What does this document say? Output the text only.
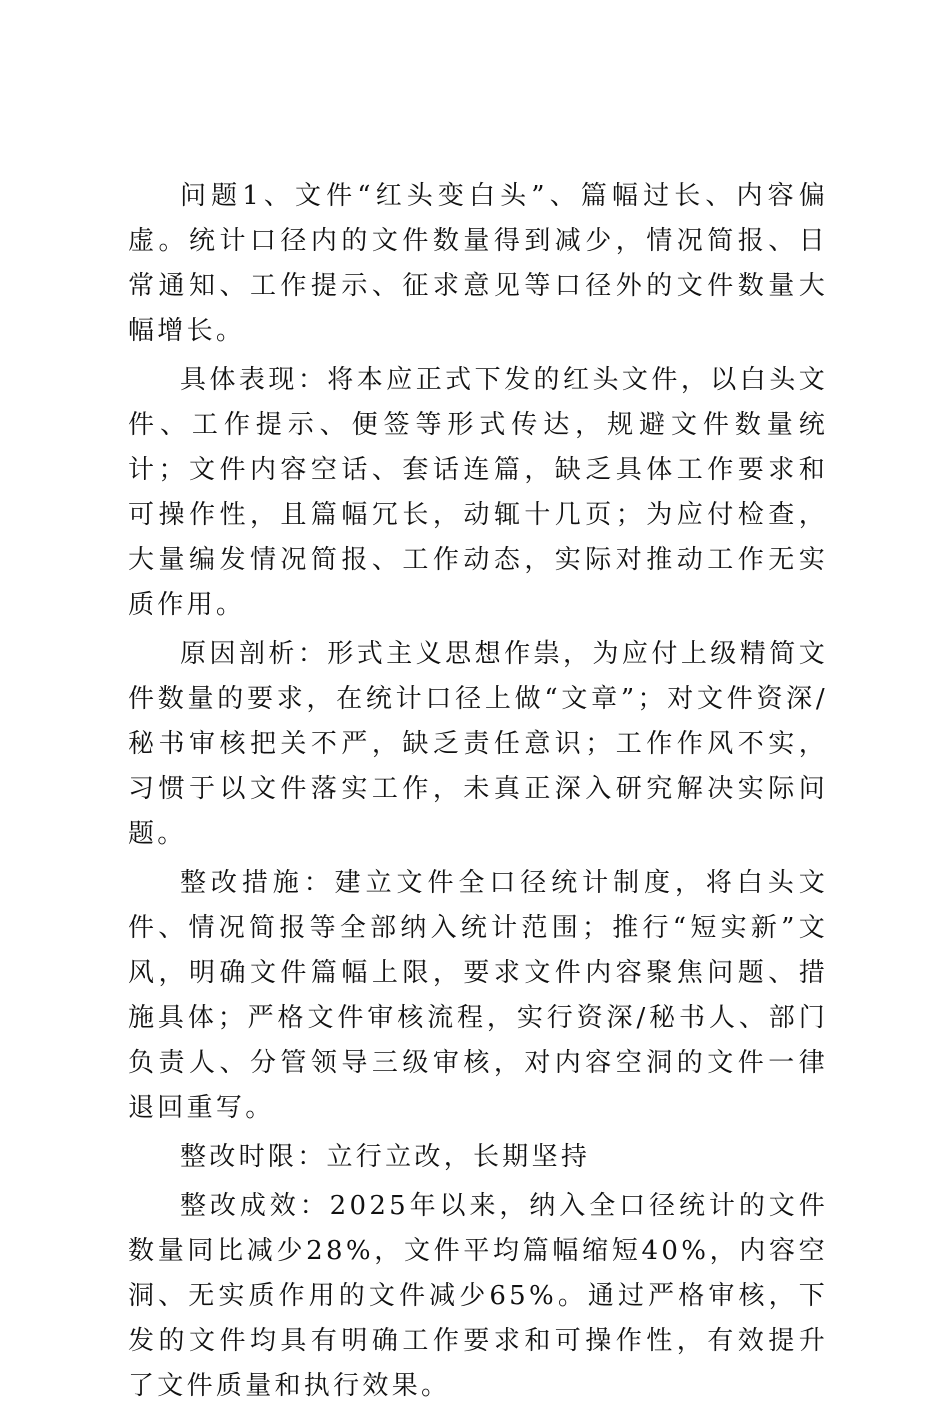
问题1、文件“红头变白头”、篇幅过长、内容偏虚。统计口径内的文件数量得到减少，情况简报、日常通知、工作提示、征求意见等口径外的文件数量大幅增长。

具体表现：将本应正式下发的红头文件，以白头文件、工作提示、便签等形式传达，规避文件数量统计；文件内容空话、套话连篇，缺乏具体工作要求和可操作性，且篇幅冗长，动辄十几页；为应付检查，大量编发情况简报、工作动态，实际对推动工作无实质作用。

原因剖析：形式主义思想作祟，为应付上级精简文件数量的要求，在统计口径上做“文章”；对文件资深/秘书审核把关不严，缺乏责任意识；工作作风不实，习惯于以文件落实工作，未真正深入研究解决实际问题。

整改措施：建立文件全口径统计制度，将白头文件、情况简报等全部纳入统计范围；推行“短实新”文风，明确文件篇幅上限，要求文件内容聚焦问题、措施具体；严格文件审核流程，实行资深/秘书人、部门负责人、分管领导三级审核，对内容空洞的文件一律退回重写。

整改时限：立行立改，长期坚持

整改成效：2025年以来，纳入全口径统计的文件数量同比减少28%，文件平均篇幅缩短40%，内容空洞、无实质作用的文件减少65%。通过严格审核，下发的文件均具有明确工作要求和可操作性，有效提升了文件质量和执行效果。
